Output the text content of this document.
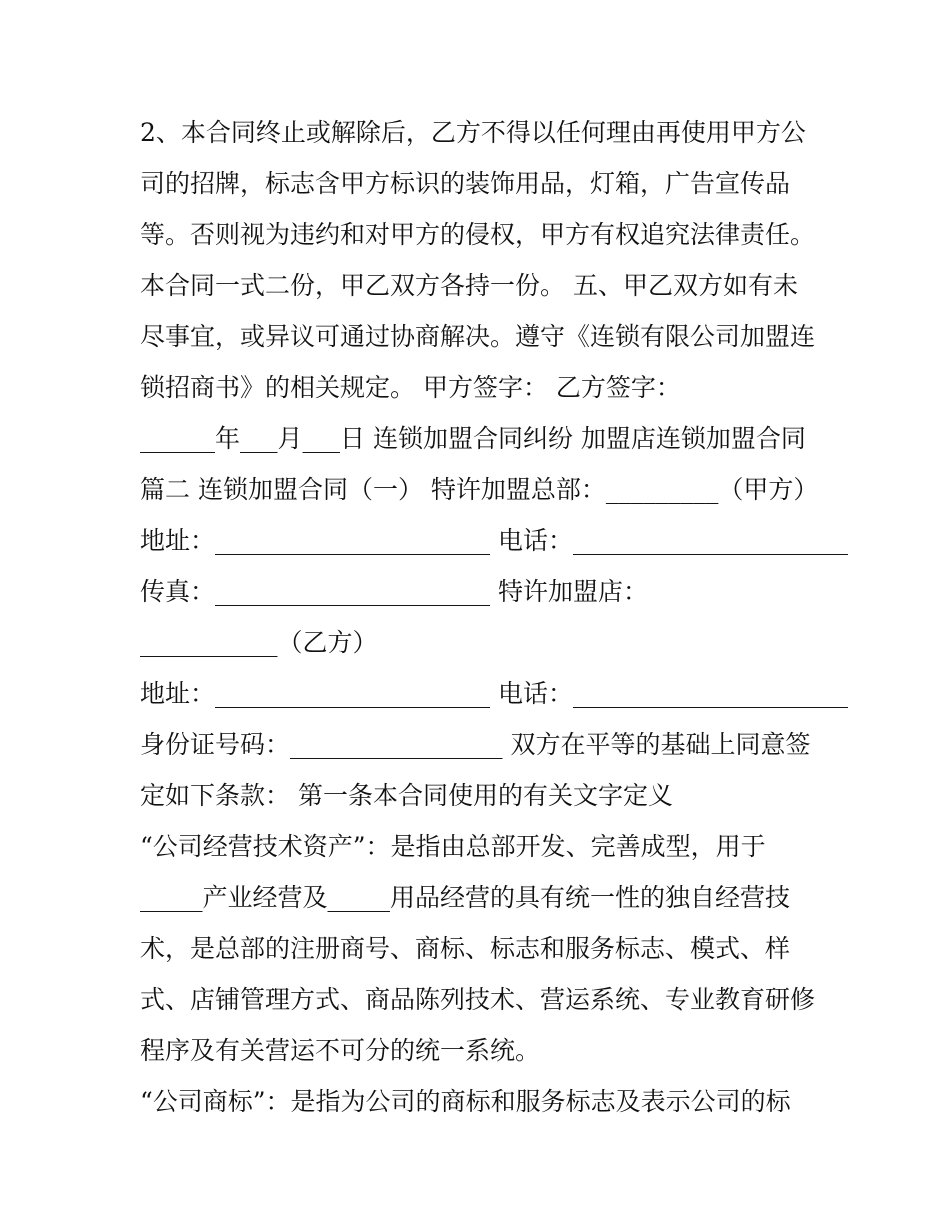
2、本合同终止或解除后，乙方不得以任何理由再使用甲方公
司的招牌，标志含甲方标识的装饰用品，灯箱，广告宣传品
等。否则视为违约和对甲方的侵权，甲方有权追究法律责任。
本合同一式二份，甲乙双方各持一份。 五、甲乙双方如有未
尽事宜，或异议可通过协商解决。遵守《连锁有限公司加盟连
锁招商书》的相关规定。 甲方签字： 乙方签字：
______年___月___日 连锁加盟合同纠纷 加盟店连锁加盟合同
篇二 连锁加盟合同（一） 特许加盟总部：_________（甲方）
地址：______________________ 电话：______________________
传真：______________________ 特许加盟店：
___________（乙方）
地址：______________________ 电话：______________________
身份证号码：_________________ 双方在平等的基础上同意签
定如下条款： 第一条本合同使用的有关文字定义
“公司经营技术资产”：是指由总部开发、完善成型，用于
_____产业经营及_____用品经营的具有统一性的独自经营技
术，是总部的注册商号、商标、标志和服务标志、模式、样
式、店铺管理方式、商品陈列技术、营运系统、专业教育研修
程序及有关营运不可分的统一系统。
“公司商标”：是指为公司的商标和服务标志及表示公司的标
